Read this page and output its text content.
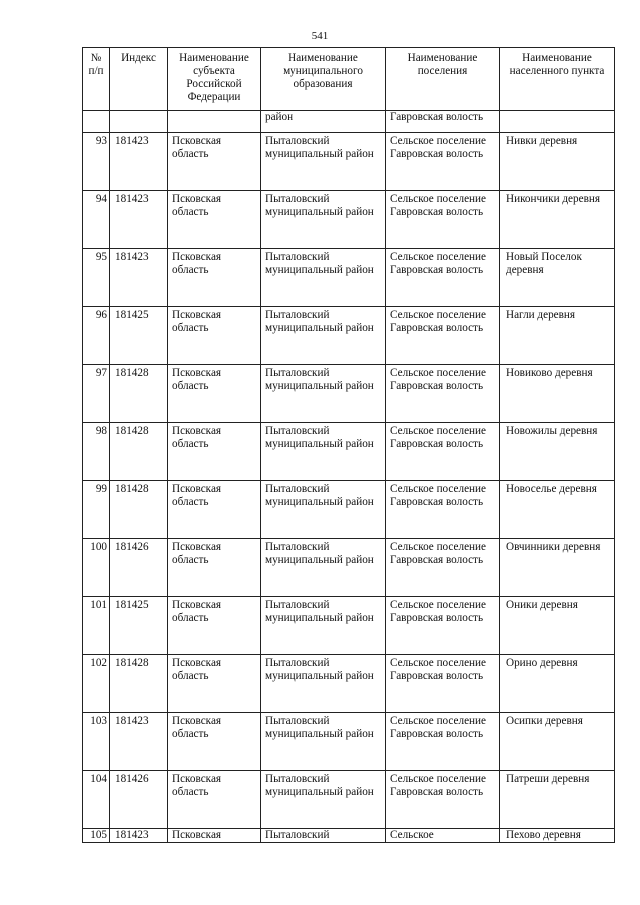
541
№ п/п	Индекс	Наименование субъекта Российской Федерации	Наименование муниципального образования	Наименование поселения	Наименование населенного пункта
			район	Гавровская волость	
93	181423	Псковская область	Пыталовский муниципальный район	Сельское поселение Гавровская волость	Нивки деревня
94	181423	Псковская область	Пыталовский муниципальный район	Сельское поселение Гавровская волость	Никончики деревня
95	181423	Псковская область	Пыталовский муниципальный район	Сельское поселение Гавровская волость	Новый Поселок деревня
96	181425	Псковская область	Пыталовский муниципальный район	Сельское поселение Гавровская волость	Нагли деревня
97	181428	Псковская область	Пыталовский муниципальный район	Сельское поселение Гавровская волость	Новиково деревня
98	181428	Псковская область	Пыталовский муниципальный район	Сельское поселение Гавровская волость	Новожилы деревня
99	181428	Псковская область	Пыталовский муниципальный район	Сельское поселение Гавровская волость	Новоселье деревня
100	181426	Псковская область	Пыталовский муниципальный район	Сельское поселение Гавровская волость	Овчинники деревня
101	181425	Псковская область	Пыталовский муниципальный район	Сельское поселение Гавровская волость	Оники деревня
102	181428	Псковская область	Пыталовский муниципальный район	Сельское поселение Гавровская волость	Орино деревня
103	181423	Псковская область	Пыталовский муниципальный район	Сельское поселение Гавровская волость	Осипки деревня
104	181426	Псковская область	Пыталовский муниципальный район	Сельское поселение Гавровская волость	Патреши деревня
105	181423	Псковская	Пыталовский	Сельское	Пехово деревня
